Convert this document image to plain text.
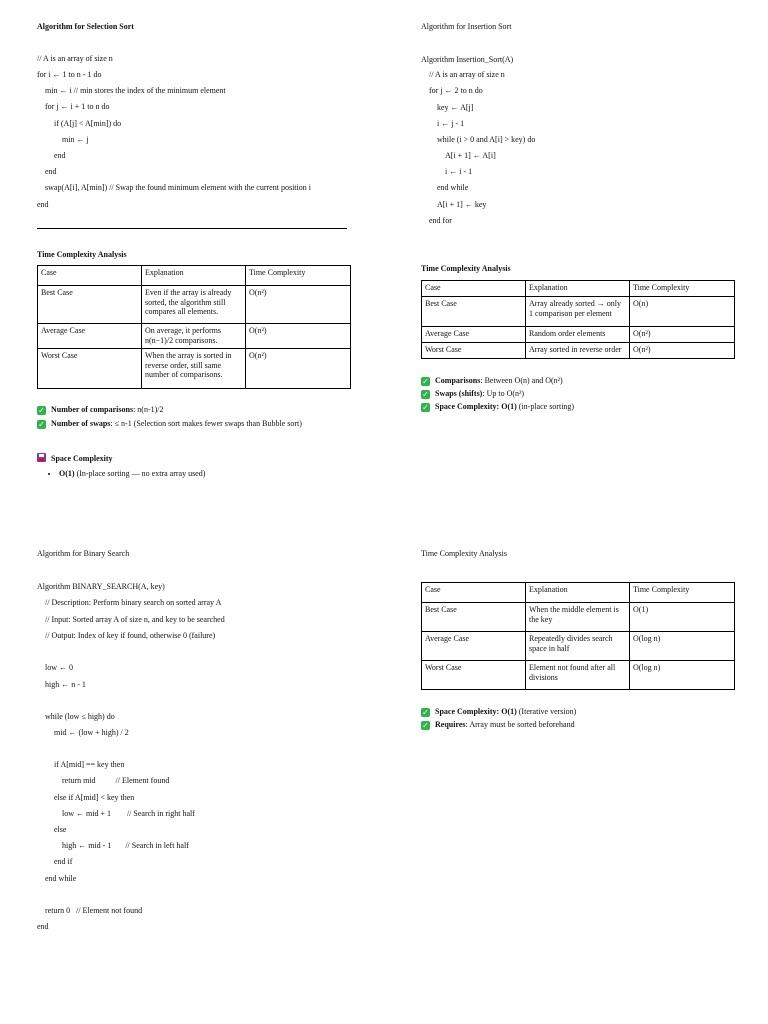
Algorithm for Selection Sort
// A is an array of size n
for i ← 1 to n - 1 do
min ← i // min stores the index of the minimum element
for j ← i + 1 to n do
if (A[j] < A[min]) do
min ← j
end
end
swap(A[i], A[min]) // Swap the found minimum element with the current position i
end
Time Complexity Analysis
Case	Explanation	Time Complexity
Best Case	Even if the array is already sorted, the algorithm still compares all elements.	O(n²)
Average Case	On average, it performs n(n−1)/2 comparisons.	O(n²)
Worst Case	When the array is sorted in reverse order, still same number of comparisons.	O(n²)
✓ Number of comparisons: n(n-1)/2
✓ Number of swaps: ≤ n-1 (Selection sort makes fewer swaps than Bubble sort)
Space Complexity
• O(1) (In-place sorting — no extra array used)
Algorithm for Insertion Sort
Algorithm Insertion_Sort(A)
// A is an array of size n
for j ← 2 to n do
key ← A[j]
i ← j - 1
while (i > 0 and A[i] > key) do
A[i + 1] ← A[i]
i ← i - 1
end while
A[i + 1] ← key
end for
Time Complexity Analysis
Case	Explanation	Time Complexity
Best Case	Array already sorted → only 1 comparison per element	O(n)
Average Case	Random order elements	O(n²)
Worst Case	Array sorted in reverse order	O(n²)
✓ Comparisons: Between O(n) and O(n²)
✓ Swaps (shifts): Up to O(n²)
✓ Space Complexity: O(1) (in-place sorting)
Algorithm for Binary Search
Algorithm BINARY_SEARCH(A, key)
// Description: Perform binary search on sorted array A
// Input: Sorted array A of size n, and key to be searched
// Output: Index of key if found, otherwise 0 (failure)
low ← 0
high ← n - 1
while (low ≤ high) do
mid ← (low + high) / 2
if A[mid] == key then
return mid          // Element found
else if A[mid] < key then
low ← mid + 1        // Search in right half
else
high ← mid - 1       // Search in left half
end if
end while
return 0   // Element not found
end
Time Complexity Analysis
Case	Explanation	Time Complexity
Best Case	When the middle element is the key	O(1)
Average Case	Repeatedly divides search space in half	O(log n)
Worst Case	Element not found after all divisions	O(log n)
✓ Space Complexity: O(1) (Iterative version)
✓ Requires: Array must be sorted beforehand
